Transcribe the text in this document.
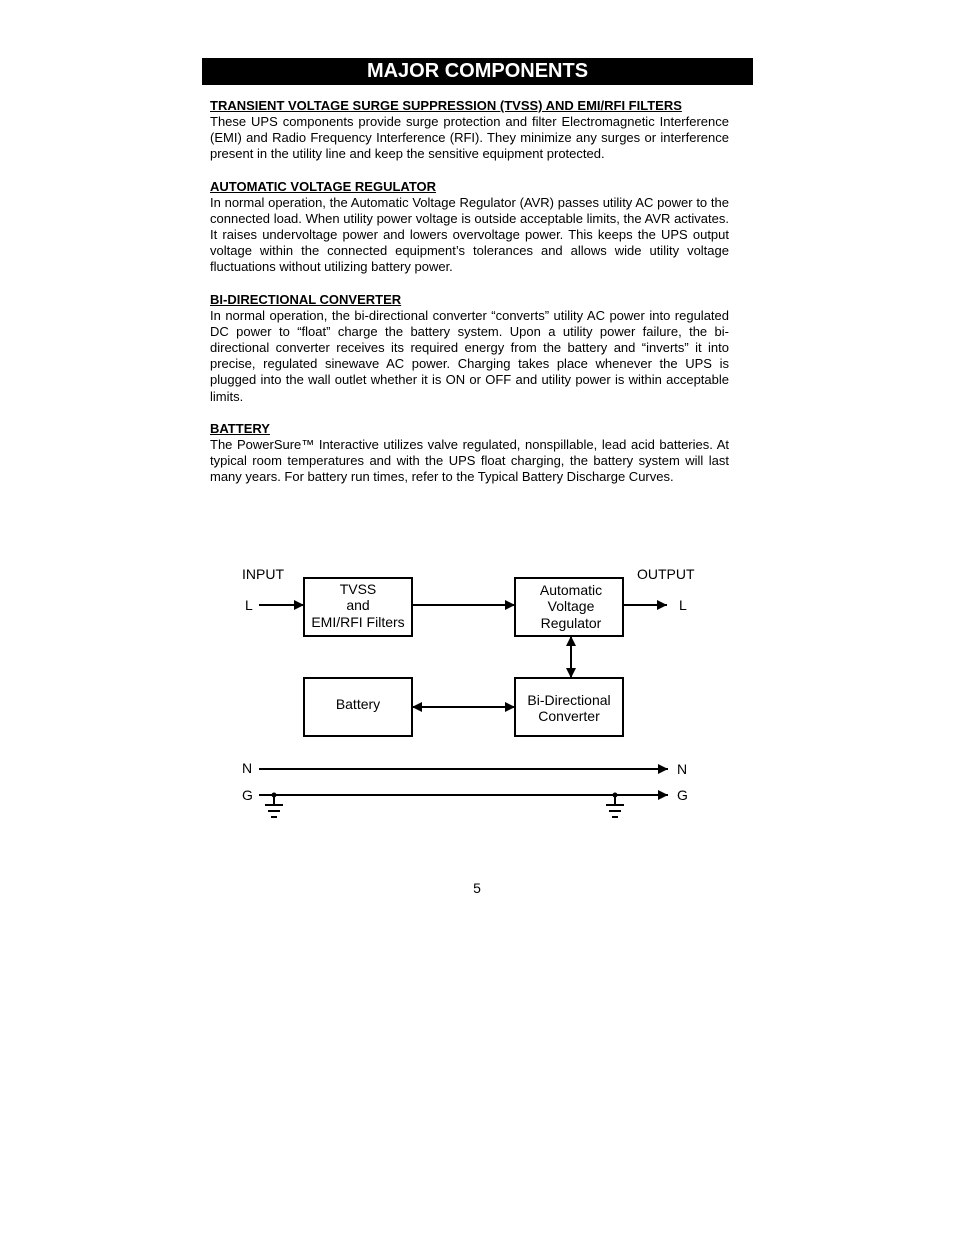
MAJOR COMPONENTS

TRANSIENT VOLTAGE SURGE SUPPRESSION (TVSS) AND EMI/RFI FILTERS

These UPS components provide surge protection and filter Electromagnetic Interference (EMI) and Radio Frequency Interference (RFI). They minimize any surges or interference present in the utility line and keep the sensitive equipment protected.

AUTOMATIC VOLTAGE REGULATOR

In normal operation, the Automatic Voltage Regulator (AVR) passes utility AC power to the connected load. When utility power voltage is outside acceptable limits, the AVR activates. It raises undervoltage power and lowers overvoltage power. This keeps the UPS output voltage within the connected equipment’s tolerances and allows wide utility voltage fluctuations without utilizing battery power.

BI-DIRECTIONAL CONVERTER

In normal operation, the bi-directional converter “converts” utility AC power into regulated DC power to “float” charge the battery system. Upon a utility power failure, the bi-directional converter receives its required energy from the battery and “inverts” it into precise, regulated sinewave AC power. Charging takes place whenever the UPS is plugged into the wall outlet whether it is ON or OFF and utility power is within acceptable limits.

BATTERY

The PowerSure™ Interactive utilizes valve regulated, nonspillable, lead acid batteries. At typical room temperatures and with the UPS float charging, the battery system will last many years. For battery run times, refer to the Typical Battery Discharge Curves.

INPUT	OUTPUT
L	L
N	N
G	G
TVSS
and
EMI/RFI Filters
Automatic
Voltage
Regulator
Battery	Bi-Directional
Converter
5
